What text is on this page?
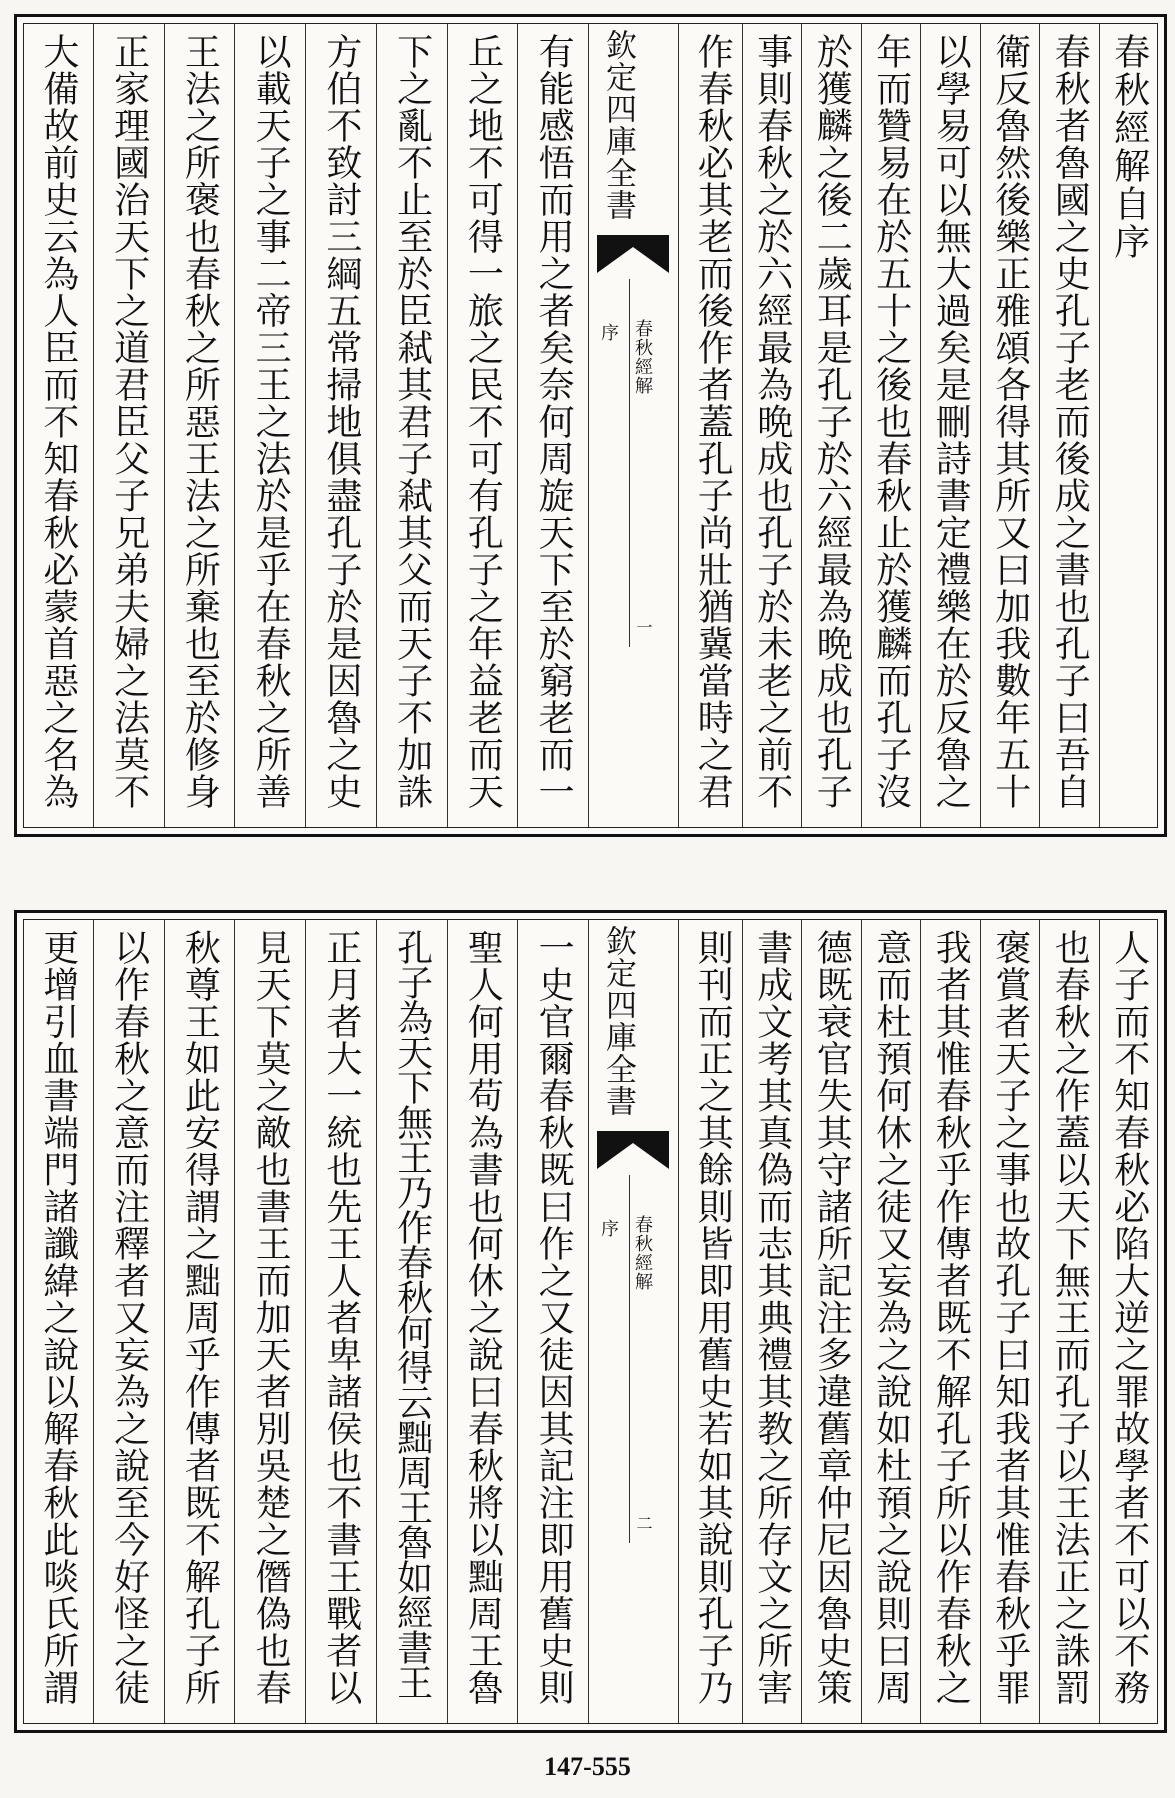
春秋經解自序
春秋者魯國之史孔子老而後成之書也孔子曰吾自
衛反魯然後樂正雅頌各得其所又曰加我數年五十
以學易可以無大過矣是刪詩書定禮樂在於反魯之
年而贊易在於五十之後也春秋止於獲麟而孔子沒
於獲麟之後二歲耳是孔子於六經最為晩成也孔子
事則春秋之於六經最為晩成也孔子於未老之前不
作春秋必其老而後作者蓋孔子尚壯猶冀當時之君
欽定四庫全書
春秋經解
序
一
有能感悟而用之者矣奈何周旋天下至於窮老而一
丘之地不可得一旅之民不可有孔子之年益老而天
下之亂不止至於臣弒其君子弒其父而天子不加誅
方伯不致討三綱五常掃地俱盡孔子於是因魯之史
以載天子之事二帝三王之法於是乎在春秋之所善
王法之所褒也春秋之所惡王法之所棄也至於修身
正家理國治天下之道君臣父子兄弟夫婦之法莫不
大備故前史云為人臣而不知春秋必蒙首惡之名為
人子而不知春秋必陷大逆之罪故學者不可以不務
也春秋之作蓋以天下無王而孔子以王法正之誅罰
褒賞者天子之事也故孔子曰知我者其惟春秋乎罪
我者其惟春秋乎作傳者既不解孔子所以作春秋之
意而杜預何休之徒又妄為之說如杜預之說則曰周
德既衰官失其守諸所記注多違舊章仲尼因魯史策
書成文考其真偽而志其典禮其教之所存文之所害
則刊而正之其餘則皆即用舊史若如其說則孔子乃
欽定四庫全書
春秋經解
序
二
一史官爾春秋既曰作之又徒因其記注即用舊史則
聖人何用苟為書也何休之說曰春秋將以黜周王魯
孔子為天下無王乃作春秋何得云黜周王魯如經書王
正月者大一統也先王人者卑諸侯也不書王戰者以
見天下莫之敵也書王而加天者別吳楚之僭偽也春
秋尊王如此安得謂之黜周乎作傳者既不解孔子所
以作春秋之意而注釋者又妄為之說至今好怪之徒
更增引血書端門諸讖緯之說以解春秋此啖氏所謂
147-555
